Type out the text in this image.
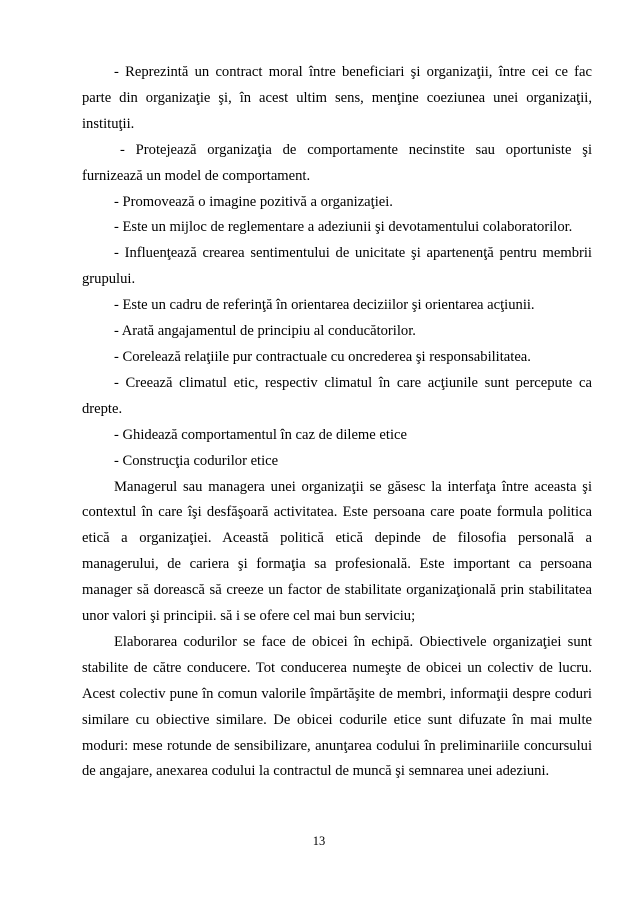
- Reprezintă un contract moral între beneficiari şi organizaţii, între cei ce fac parte din organizaţie şi, în acest ultim sens, menţine coeziunea unei organizaţii, instituţii.

- Protejează organizaţia de comportamente necinstite sau oportuniste şi furnizează un model de comportament.

- Promovează o imagine pozitivă a organizaţiei.

- Este un mijloc de reglementare a adeziunii şi devotamentului colaboratorilor.

- Influenţează crearea sentimentului de unicitate şi apartenenţă pentru membrii grupului.

- Este un cadru de referinţă în orientarea deciziilor şi orientarea acţiunii.

- Arată angajamentul de principiu al conducătorilor.

- Corelează relaţiile pur contractuale cu oncrederea şi responsabilitatea.

- Creează climatul etic, respectiv climatul în care acţiunile sunt percepute ca drepte.

- Ghidează comportamentul în caz de dileme etice

- Construcţia codurilor etice

Managerul sau managera unei organizaţii se găsesc la interfaţa între aceasta şi contextul în care îşi desfăşoară activitatea. Este persoana care poate formula politica etică a organizaţiei. Această politică etică depinde de filosofia personală a managerului, de cariera şi formaţia sa profesională. Este important ca persoana manager să dorească să creeze un factor de stabilitate organizaţională prin stabilitatea unor valori şi principii. să i se ofere cel mai bun serviciu;

Elaborarea codurilor se face de obicei în echipă. Obiectivele organizaţiei sunt stabilite de către conducere. Tot conducerea numeşte de obicei un colectiv de lucru. Acest colectiv pune în comun valorile împărtăşite de membri, informaţii despre coduri similare cu obiective similare. De obicei codurile etice sunt difuzate în mai multe moduri: mese rotunde de sensibilizare, anunţarea codului în preliminariile concursului de angajare, anexarea codului la contractul de muncă şi semnarea unei adeziuni.

13
